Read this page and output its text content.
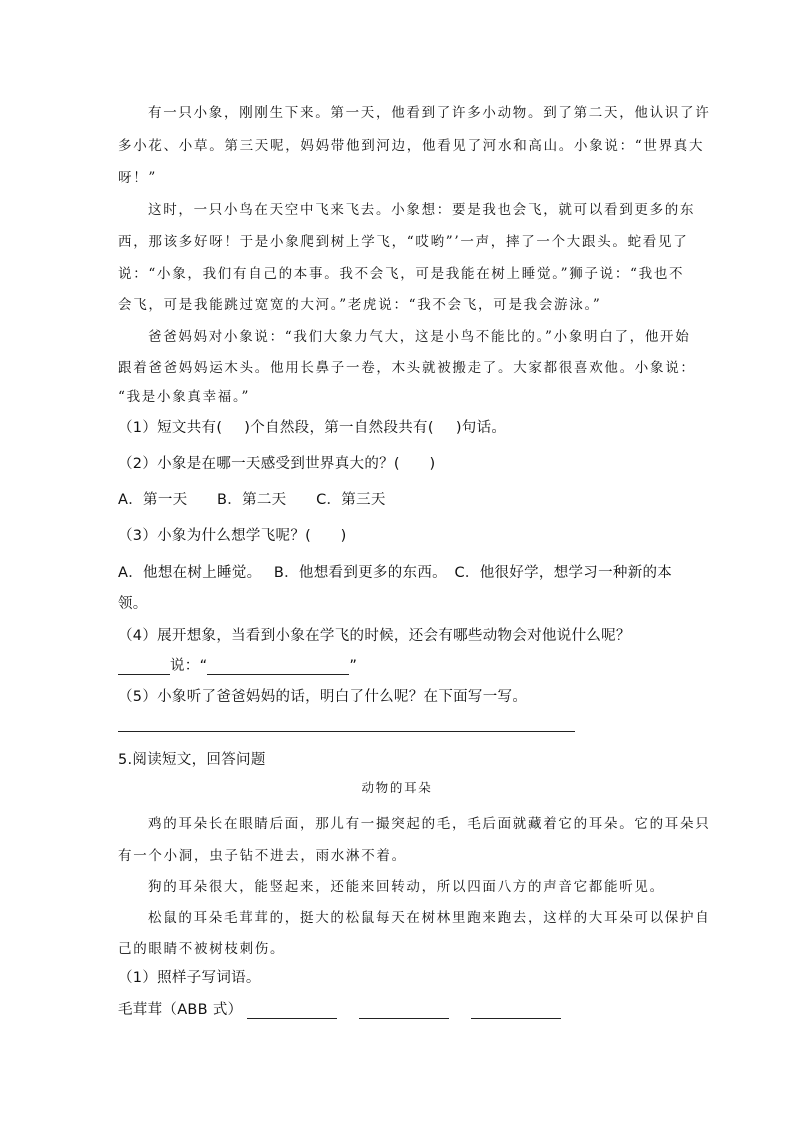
有一只小象，刚刚生下来。第一天，他看到了许多小动物。到了第二天，他认识了许
多小花、小草。第三天呢，妈妈带他到河边，他看见了河水和高山。小象说：“世界真大
呀！”
这时，一只小鸟在天空中飞来飞去。小象想：要是我也会飞，就可以看到更多的东
西，那该多好呀！于是小象爬到树上学飞，“哎哟”’一声，摔了一个大跟头。蛇看见了
说：“小象，我们有自己的本事。我不会飞，可是我能在树上睡觉。”狮子说：“我也不
会飞，可是我能跳过宽宽的大河。”老虎说：“我不会飞，可是我会游泳。”
爸爸妈妈对小象说：“我们大象力气大，这是小鸟不能比的。”小象明白了，他开始
跟着爸爸妈妈运木头。他用长鼻子一卷，木头就被搬走了。大家都很喜欢他。小象说：
“我是小象真幸福。”
（1）短文共有( )个自然段，第一自然段共有( )句话。
（2）小象是在哪一天感受到世界真大的？(　　)
A．第一天　　B．第二天　　C．第三天
（3）小象为什么想学飞呢？(　　)
A．他想在树上睡觉。　 B．他想看到更多的东西。　C．他很好学，想学习一种新的本
领。
（4）展开想象，当看到小象在学飞的时候，还会有哪些动物会对他说什么呢？
说：“	”
（5）小象听了爸爸妈妈的话，明白了什么呢？在下面写一写。
5.阅读短文，回答问题
动物的耳朵
鸡的耳朵长在眼睛后面，那儿有一撮突起的毛，毛后面就藏着它的耳朵。它的耳朵只
有一个小洞，虫子钻不进去，雨水淋不着。
狗的耳朵很大，能竖起来，还能来回转动，所以四面八方的声音它都能听见。
松鼠的耳朵毛茸茸的，挺大的松鼠每天在树林里跑来跑去，这样的大耳朵可以保护自
己的眼睛不被树枝刺伤。
（1）照样子写词语。
毛茸茸（ABB 式）
